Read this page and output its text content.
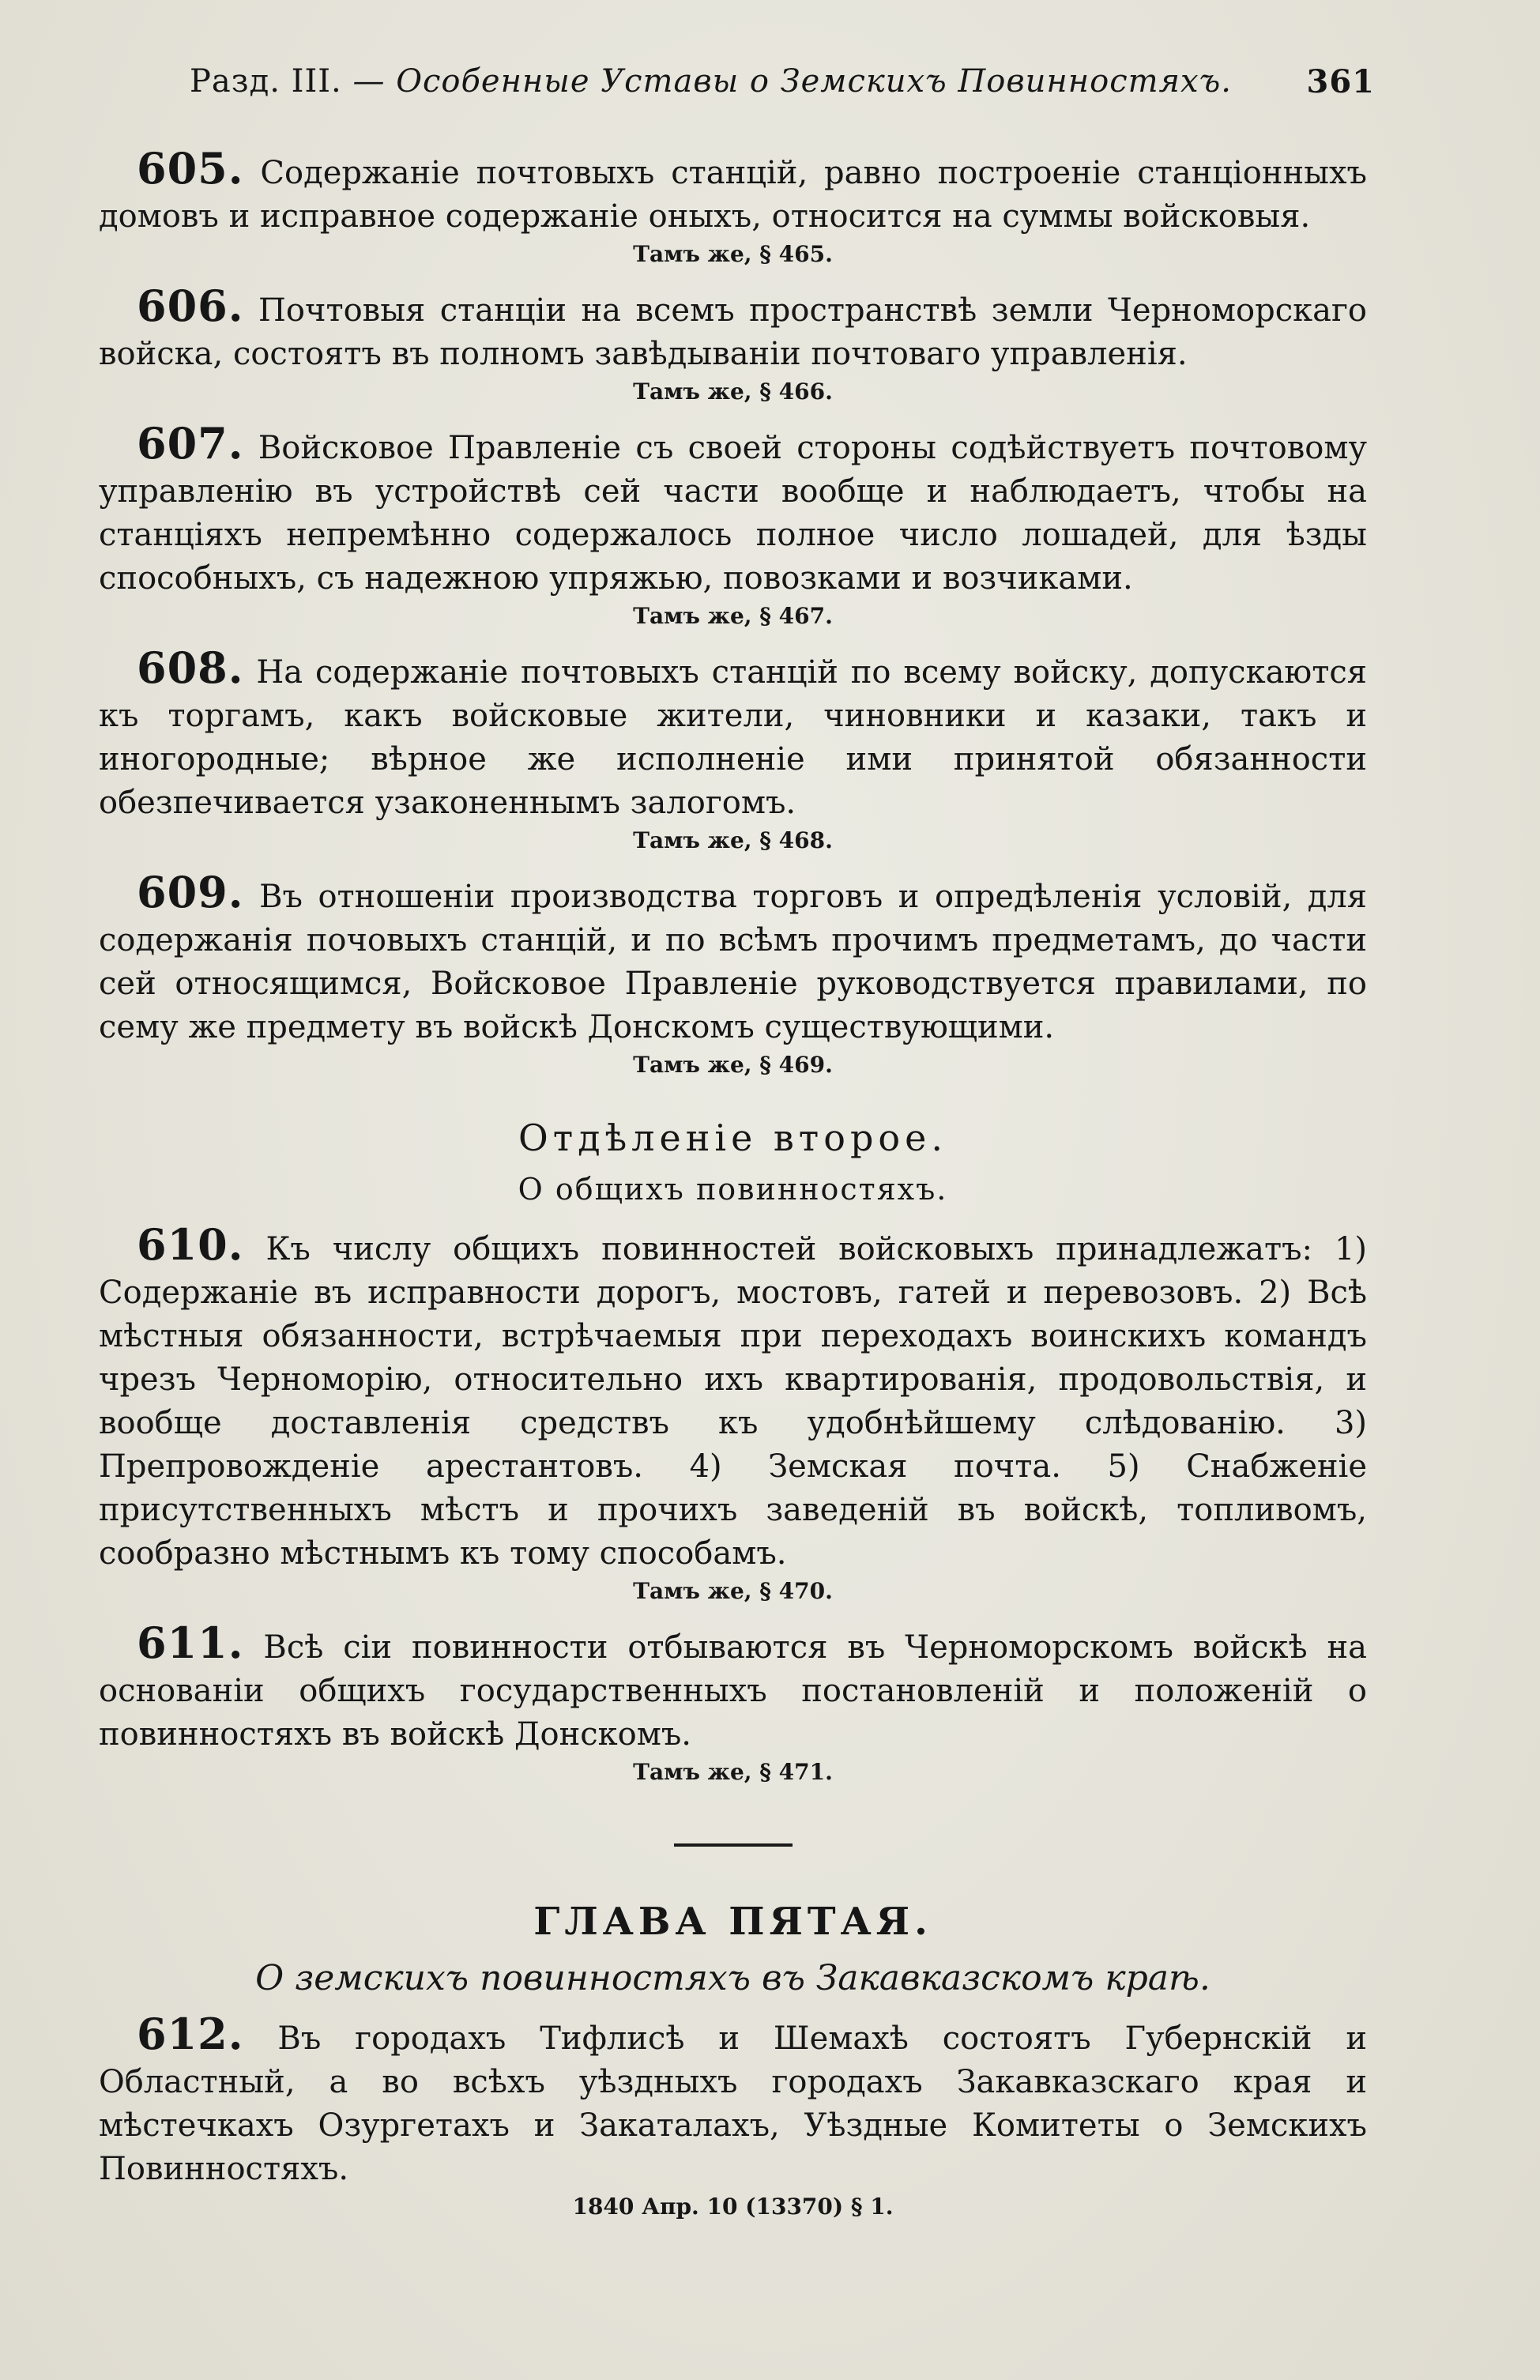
Разд. III. — Особенные Уставы о Земскихъ Повинностяхъ. 361

605. Содержаніе почтовыхъ станцій, равно построеніе станціонныхъ домовъ и исправное содержаніе оныхъ, относится на суммы войсковыя.

Тамъ же, § 465.

606. Почтовыя станціи на всемъ пространствѣ земли Черноморскаго войска, состоятъ въ полномъ завѣдываніи почтоваго управленія.

Тамъ же, § 466.

607. Войсковое Правленіе съ своей стороны содѣйствуетъ почтовому управленію въ устройствѣ сей части вообще и наблюдаетъ, чтобы на станціяхъ непремѣнно содержалось полное число лошадей, для ѣзды способныхъ, съ надежною упряжью, повозками и возчиками.

Тамъ же, § 467.

608. На содержаніе почтовыхъ станцій по всему войску, допускаются къ торгамъ, какъ войсковые жители, чиновники и казаки, такъ и иногородные; вѣрное же исполненіе ими принятой обязанности обезпечивается узаконеннымъ залогомъ.

Тамъ же, § 468.

609. Въ отношеніи производства торговъ и опредѣленія условій, для содержанія почовыхъ станцій, и по всѣмъ прочимъ предметамъ, до части сей относящимся, Войсковое Правленіе руководствуется правилами, по сему же предмету въ войскѣ Донскомъ существующими.

Тамъ же, § 469.
Отдѣленіе второе.
О общихъ повинностяхъ.

610. Къ числу общихъ повинностей войсковыхъ принадлежатъ: 1) Содержаніе въ исправности дорогъ, мостовъ, гатей и перевозовъ. 2) Всѣ мѣстныя обязанности, встрѣчаемыя при переходахъ воинскихъ командъ чрезъ Черноморію, относительно ихъ квартированія, продовольствія, и вообще доставленія средствъ къ удобнѣйшему слѣдованію. 3) Препровожденіе арестантовъ. 4) Земская почта. 5) Снабженіе присутственныхъ мѣстъ и прочихъ заведеній въ войскѣ, топливомъ, сообразно мѣстнымъ къ тому способамъ.

Тамъ же, § 470.

611. Всѣ сіи повинности отбываются въ Черноморскомъ войскѣ на основаніи общихъ государственныхъ постановленій и положеній о повинностяхъ въ войскѣ Донскомъ.

Тамъ же, § 471.
ГЛАВА ПЯТАЯ.
О земскихъ повинностяхъ въ Закавказскомъ краѣ.

612. Въ городахъ Тифлисѣ и Шемахѣ состоятъ Губернскій и Областный, а во всѣхъ уѣздныхъ городахъ Закавказскаго края и мѣстечкахъ Озургетахъ и Закаталахъ, Уѣздные Комитеты о Земскихъ Повинностяхъ.

1840 Апр. 10 (13370) § 1.
